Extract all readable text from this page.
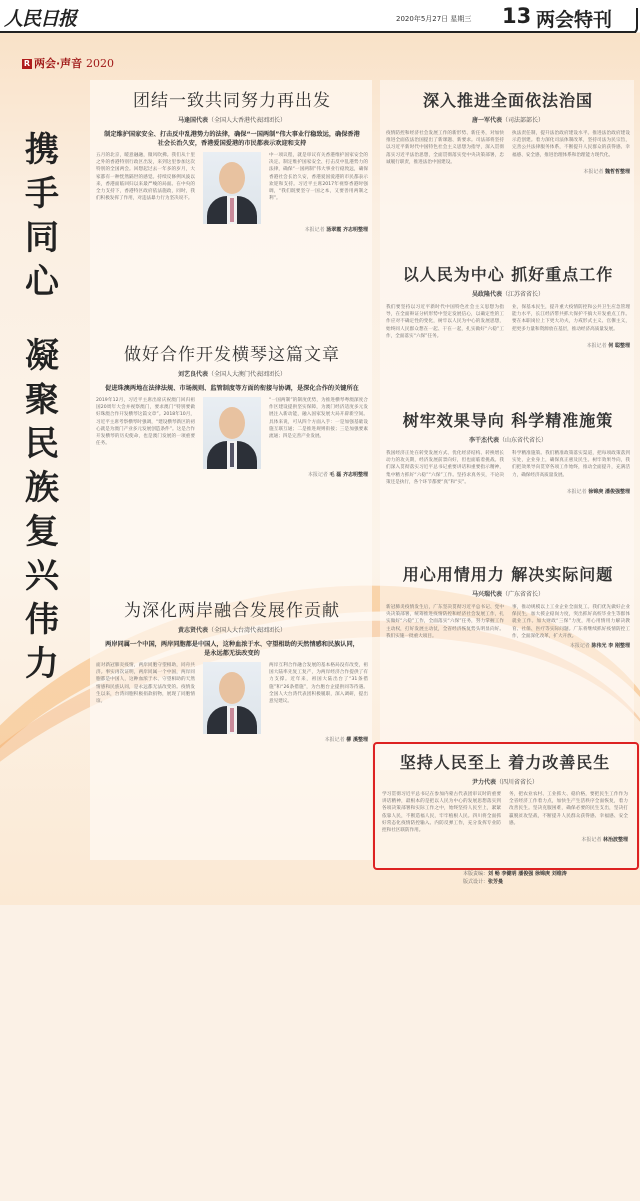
人民日报	2020年5月27日 星期三 13 两会特刊
R 两会·声音 2020
携
手
同
心
凝
聚
民
族
复
兴
伟
力
团结一致共同努力再出发
马逢国代表（全国人大香港代表团团长）
制定维护国家安全、打击反中乱港势力的法律，确保“一国两制”伟大事业行稳致远，确保香港社会长治久安，香港爱国爱港的市民都表示欢迎和支持
五月的北京，暖意融融，微风吹拂。我们从十里之外的香港特别行政区出发，来到这里参加这次特别的全国两会。回想起过去一年多的岁月，大家都有一种恍然隔世的感觉。持续反修例风波以来，香港面临回归以来最严峻的局面。在中央的全力支持下，香港特区政府依法施政，同时，我们积极发挥了作用，对违法暴力行为坚决说不。
中一项议程，就是审议有关香港维护国家安全的决定。制定维护国家安全、打击反中乱港势力的法律，确保“一国两制”伟大事业行稳致远，确保香港社会长治久安，香港爱国爱港的市民都表示欢迎和支持。习近平主席2017年视察香港时强调，“我们既要坚守一国之本，又要善用两制之利”。
本报记者 汤翠霞 齐志明整理
做好合作开发横琴这篇文章
刘艺良代表（全国人大澳门代表团团长）
促进珠澳两地在法律法规、市场规则、监管制度等方面的衔接与协调，是深化合作的关键所在
2019年12月，习近平主席出席庆祝澳门回归祖国20周年大会并视察澳门，要求澳门“特别要做好珠澳合作开发横琴这篇文章”。2018年10月，习近平主席考察横琴时强调，“建设横琴新区的初心就是为澳门产业多元发展创造条件”。这是合作开发横琴的历史使命，也是澳门发展的一项重要任务。
“一国两制”的制度优势，为推进横琴粤澳深度合作区建设提供坚实保障，为澳门经济适度多元发展注入新动能，融入国家发展大局开辟新空间。具体来说，可从四个方面入手：一是加强基础设施互联互通；二是推进规则衔接；三是加强要素流通；四是完善产业发展。
本报记者 毛 磊 齐志明整理
为深化两岸融合发展作贡献
黄志贤代表（全国人大台湾代表团团长）
两岸同属一个中国，两岸同胞都是中国人，这种血浓于水、守望相助的天然情感和民族认同，是永远都无法改变的
面对新冠肺炎疫情，两岸同胞守望相助，同舟共济。事实再次证明，两岸同属一个中国，两岸同胞都是中国人，这种血浓于水、守望相助的天然情感和民族认同，是永远都无法改变的。疫情发生以来，台湾同胞积极捐款捐物，展现了同胞情谊。
两岸互利合作融合发展的基本格局没有改变，祖国大陆率先复工复产，为两岸经济合作提供了有力支撑。近年来，祖国大陆出台了“31条措施”和“26条措施”，为台胞台企提供同等待遇。全国人大台湾代表团积极履职，深入调研，提出意见建议。
本报记者 柳 溪整理
深入推进全面依法治国
唐一军代表（司法部部长）
疫情防控和经济社会发展工作的新形势、新任务，对加快推进全面依法治国提出了新课题、新要求。司法部将坚持以习近平新时代中国特色社会主义思想为指导，深入贯彻落实习近平法治思想，全面贯彻落实党中央决策部署，忠诚履行职责，推进法治中国建设。
执法责任制，提升法治政府建设水平。推进法治政府建设示范创建。着力深化司法体制改革，坚持司法为民宗旨，完善公共法律服务体系，不断提升人民群众的获得感、幸福感、安全感，推进治理体系和治理能力现代化。
本报记者 魏哲哲整理
以人民为中心 抓好重点工作
吴政隆代表（江苏省省长）
我们要坚持以习近平新时代中国特色社会主义思想为指导，在全面辩证分析形势中坚定发展信心，以确定性的工作应对不确定性的变化，树牢以人民为中心的发展思想，始终同人民群众想在一起、干在一起，扎实做好“六稳”工作，全面落实“六保”任务。
业，保基本民生，提升重大疫情防控和公共卫生应急管理能力水平，长江经济带共抓大保护不搞大开发重点工作。要在本职岗位上下更大功夫，力戒形式主义、官僚主义，把更多力量和资源放在基层，推动经济高质量发展。
本报记者 何 聪整理
树牢效果导向 科学精准施策
李干杰代表（山东省代省长）
我国经济正处在转变发展方式、优化经济结构、转换增长动力的攻关期，经济发展前景向好，但也面临着挑战。我们深入贯彻落实习近平总书记重要讲话和重要指示精神，集中精力抓好“六稳”“六保”工作。坚持求真务实，不论决策还是执行，各个环节都要“真”和“实”。
科学精准施策。我们精准政策落实渠道，把每项政策落到实处，企业身上，确保真正惠及民生。树牢效果导向，我们把效果导向贯穿各项工作始终，推动全面提升，充满活力，确保经济高质量发展。
本报记者 徐锦庚 潘俊强整理
用心用情用力 解决实际问题
马兴瑞代表（广东省省长）
新冠肺炎疫情发生后，广东坚决贯彻习近平总书记、党中央决策部署，统筹推进疫情防控和经济社会发展工作，扎实做好“六稳”工作，全面落实“六保”任务，努力掌握工作主动权，打好发展主动仗，全省经济恢复势头明显向好。我们实施一批重大项目。
事，推动规模以上工业企业全面复工。我们优先做好企业保民生，加大援企稳岗力度，突出抓好高校毕业生等群体就业工作。加大财政“三保”力度，用心用情用力解决教育、社保、医疗等实际问题。广东将继续抓好疫情防控工作，全面深化改革，扩大开放。
本报记者 陈伟光 李 刚整理
坚持人民至上 着力改善民生
尹力代表（四川省省长）
学习贯彻习近平总书记在参加内蒙古代表团审议时的重要讲话精神，最根本的是把以人民为中心的发展思想落实到各项决策部署和实际工作之中，始终坚持人民至上，紧紧依靠人民，不断造福人民，牢牢植根人民。四川将全面抓好常态化疫情防控输入、内防反弹工作，充分发挥专业防控和社区联防作用。
务，把农业农村、工业抓大、稳价格，要把民生工作作为全省经济工作着力点，加快生产生活秩序全面恢复，着力改善民生。坚决克服困难，确保必要的民生支出，坚决打赢脱贫攻坚战，不断提升人民群众获得感、幸福感、安全感。
本报记者 林治波整理
本版责编：刘 畅 李健明 潘俊强 徐锦庚 刘维涛
版式设计：张芳曼
